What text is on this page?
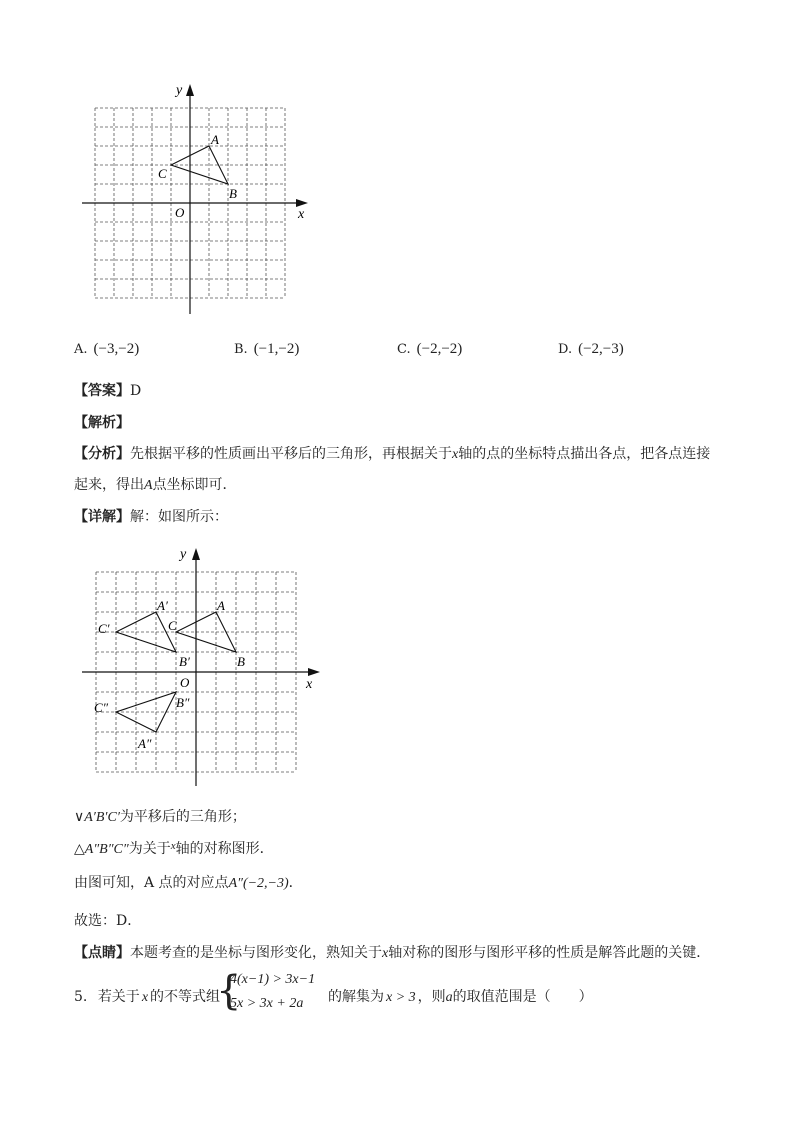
y
x
O
A
B
C
A. (−3,−2)	B. (−1,−2)	C. (−2,−2)	D. (−2,−3)
【答案】D
【解析】
【分析】先根据平移的性质画出平移后的三角形，再根据关于x轴的点的坐标特点描出各点，把各点连接
起来，得出A点坐标即可．
【详解】解：如图所示：
y
x
O
A
B
C
A′
B′
C′
A″
B″
C″
∨A′B′C′为平移后的三角形；
△A″B″C″为关于$^x$轴的对称图形．
由图可知，A 点的对应点A″(−2,−3)．
故选：D．
【点睛】本题考查的是坐标与图形变化，熟知关于x轴对称的图形与图形平移的性质是解答此题的关键．
5. 若关于 x 的不等式组
{
4(x−1) > 3x−1
5x > 3x + 2a 的解集为 x > 3 ，则a的取值范围是（　　）
